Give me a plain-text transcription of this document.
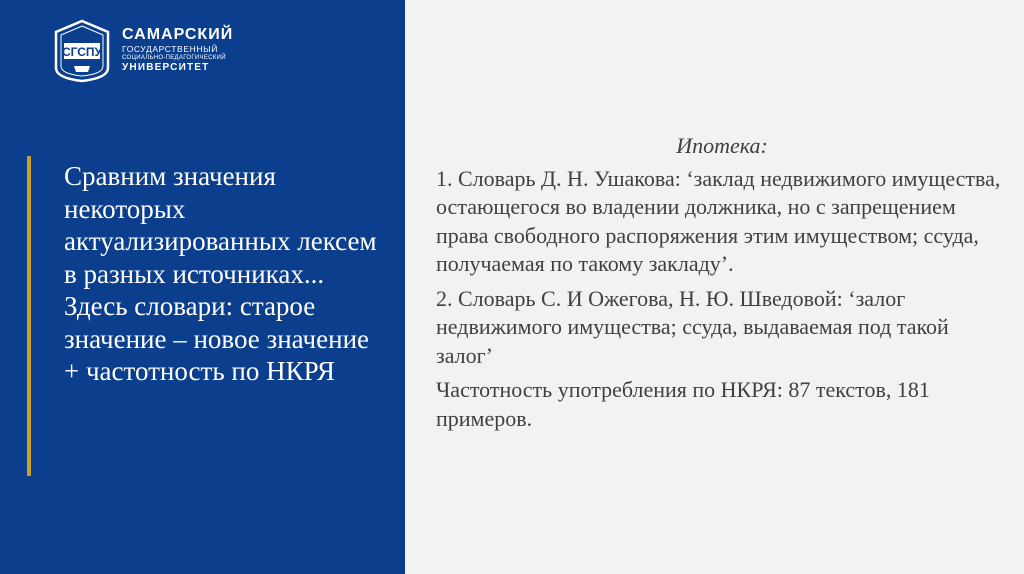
СГСПУ
САМАРСКИЙ
ГОСУДАРСТВЕННЫЙ
СОЦИАЛЬНО-ПЕДАГОГИЧЕСКИЙ
УНИВЕРСИТЕТ

Сравним значения некоторых актуализированных лексем в разных источниках... Здесь словари: старое значение – новое значение + частотность по НКРЯ

Ипотека:

1. Словарь Д. Н. Ушакова: ‘заклад недвижимого имущества, остающегося во владении должника, но с запрещением права свободного распоряжения этим имуществом; ссуда, получаемая по такому закладу’.

2. Словарь С. И Ожегова, Н. Ю. Шведовой: ‘залог недвижимого имущества; ссуда, выдаваемая под такой залог’

Частотность употребления по НКРЯ: 87 текстов, 181 примеров.
